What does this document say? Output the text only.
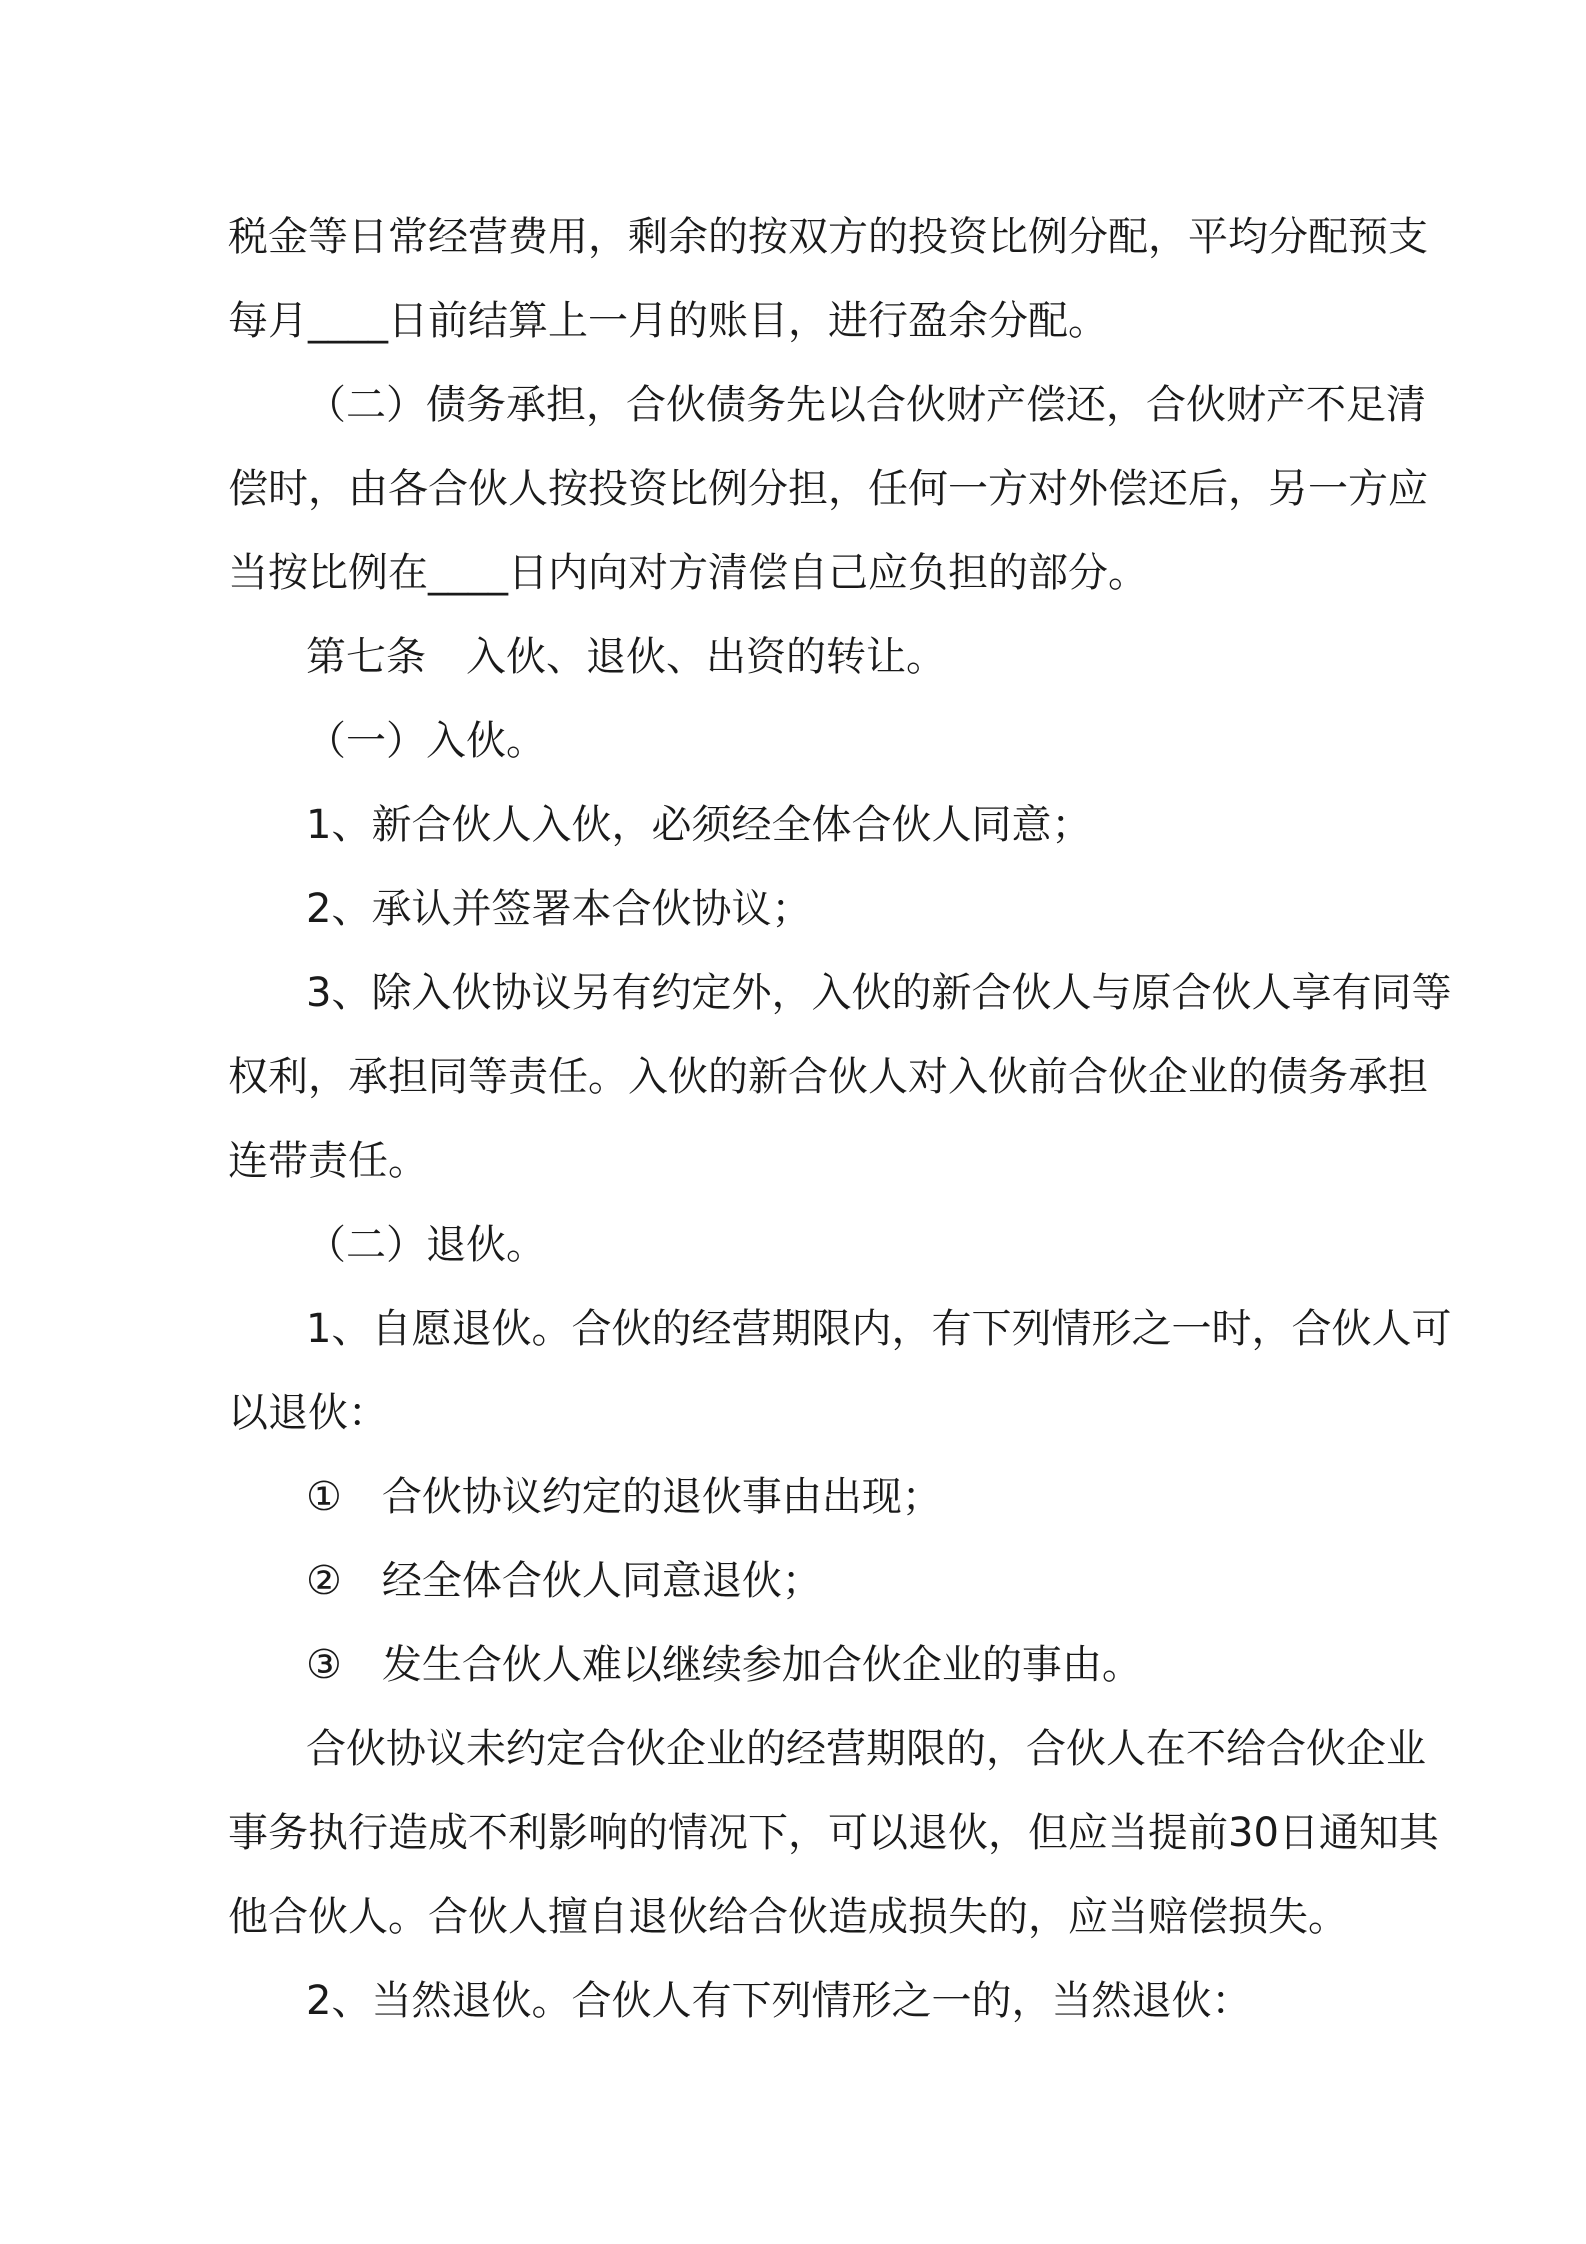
税金等日常经营费用，剩余的按双方的投资比例分配，平均分配预支
每月____日前结算上一月的账目，进行盈余分配。
（二）债务承担，合伙债务先以合伙财产偿还，合伙财产不足清
偿时，由各合伙人按投资比例分担，任何一方对外偿还后，另一方应
当按比例在____日内向对方清偿自己应负担的部分。
第七条　入伙、退伙、出资的转让。
（一）入伙。
1、新合伙人入伙，必须经全体合伙人同意；
2、承认并签署本合伙协议；
3、除入伙协议另有约定外，入伙的新合伙人与原合伙人享有同等
权利，承担同等责任。入伙的新合伙人对入伙前合伙企业的债务承担
连带责任。
（二）退伙。
1、自愿退伙。合伙的经营期限内，有下列情形之一时，合伙人可
以退伙：
①　合伙协议约定的退伙事由出现；
②　经全体合伙人同意退伙；
③　发生合伙人难以继续参加合伙企业的事由。
合伙协议未约定合伙企业的经营期限的，合伙人在不给合伙企业
事务执行造成不利影响的情况下，可以退伙，但应当提前30日通知其
他合伙人。合伙人擅自退伙给合伙造成损失的，应当赔偿损失。
2、当然退伙。合伙人有下列情形之一的，当然退伙：
